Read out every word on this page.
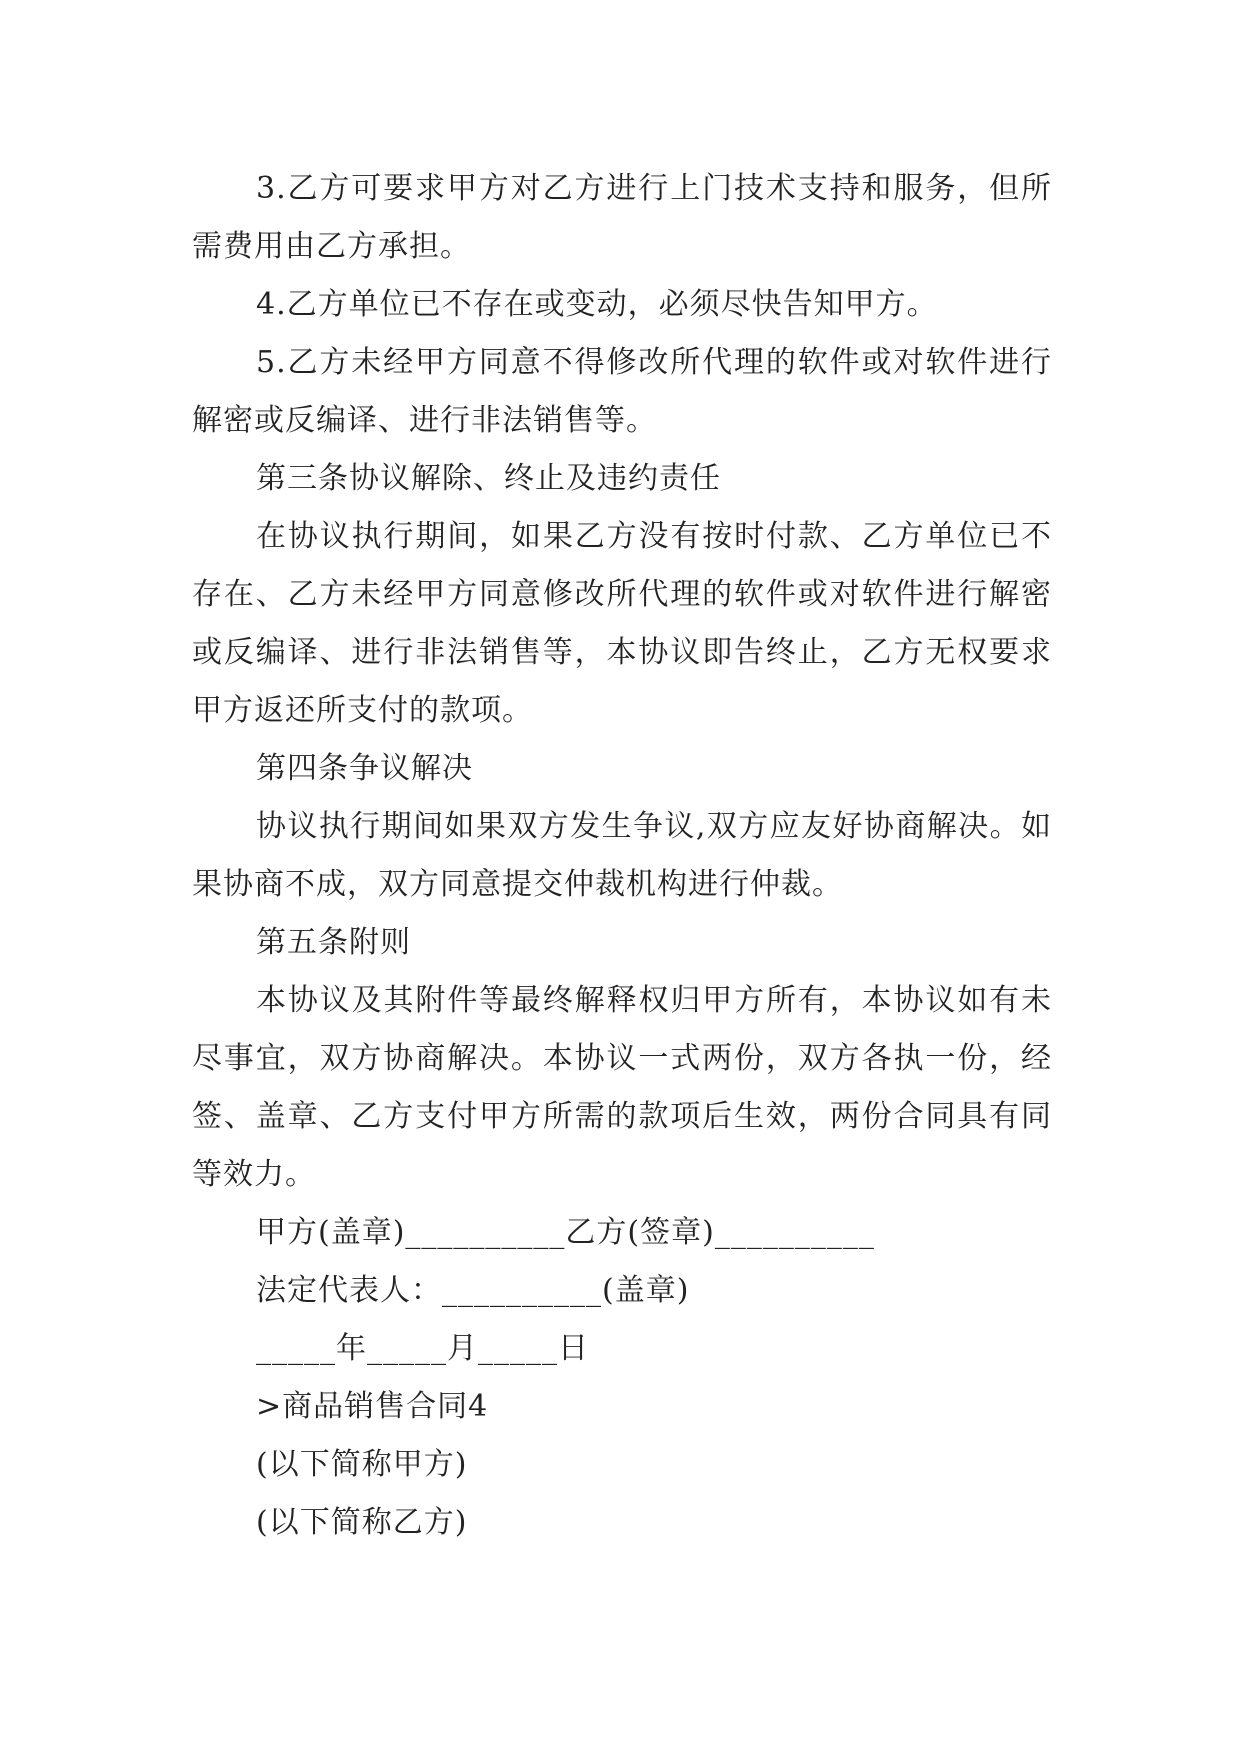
3.乙方可要求甲方对乙方进行上门技术支持和服务，但所需费用由乙方承担。

4.乙方单位已不存在或变动，必须尽快告知甲方。

5.乙方未经甲方同意不得修改所代理的软件或对软件进行解密或反编译、进行非法销售等。

第三条协议解除、终止及违约责任

在协议执行期间，如果乙方没有按时付款、乙方单位已不存在、乙方未经甲方同意修改所代理的软件或对软件进行解密或反编译、进行非法销售等，本协议即告终止，乙方无权要求甲方返还所支付的款项。

第四条争议解决

协议执行期间如果双方发生争议,双方应友好协商解决。如果协商不成，双方同意提交仲裁机构进行仲裁。

第五条附则

本协议及其附件等最终解释权归甲方所有，本协议如有未尽事宜，双方协商解决。本协议一式两份，双方各执一份，经签、盖章、乙方支付甲方所需的款项后生效，两份合同具有同等效力。

甲方(盖章)__________乙方(签章)__________

法定代表人：__________(盖章)

_____年_____月_____日

>商品销售合同4

(以下简称甲方)

(以下简称乙方)
